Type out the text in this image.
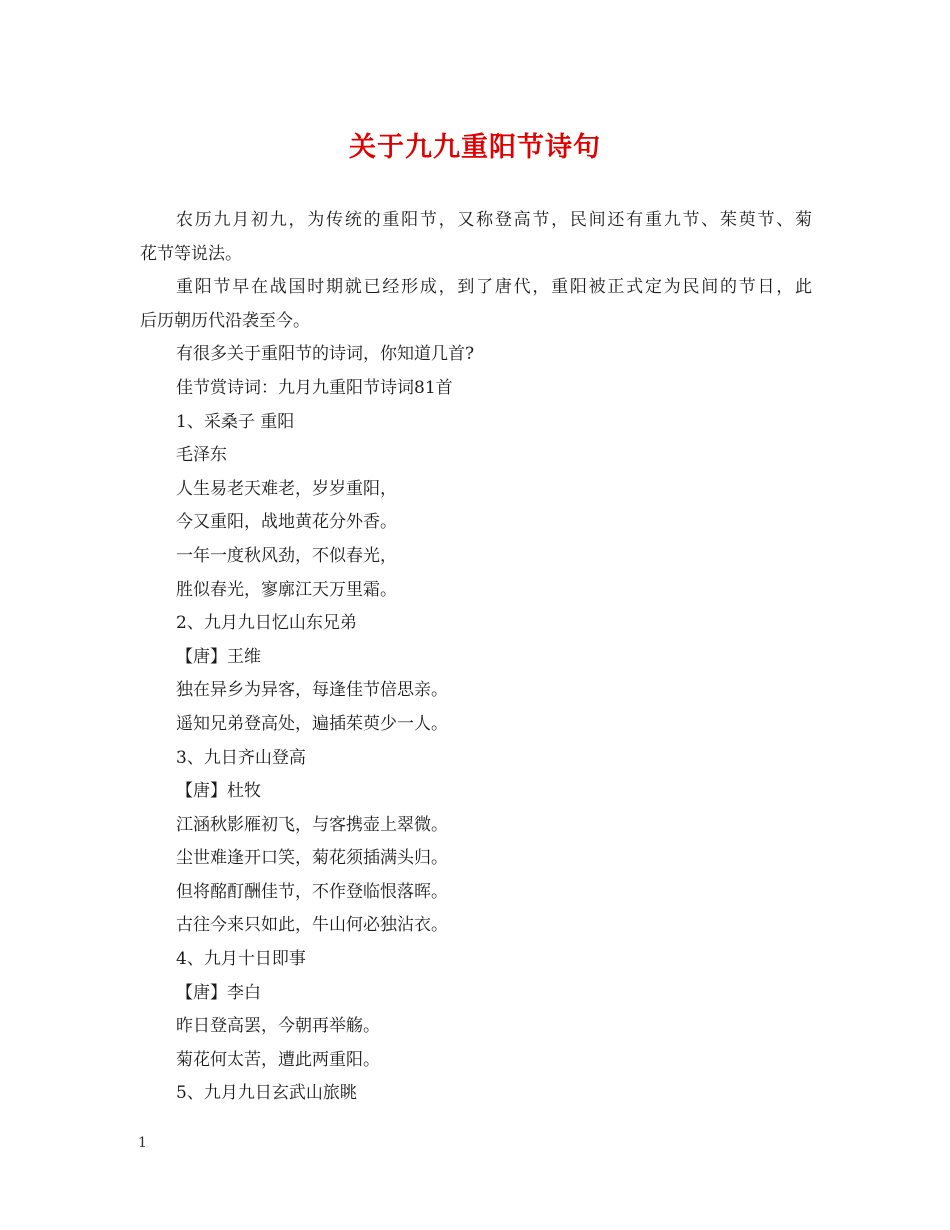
关于九九重阳节诗句
农历九月初九，为传统的重阳节，又称登高节，民间还有重九节、茱萸节、菊
花节等说法。
重阳节早在战国时期就已经形成，到了唐代，重阳被正式定为民间的节日，此
后历朝历代沿袭至今。
有很多关于重阳节的诗词，你知道几首?
佳节赏诗词：九月九重阳节诗词81首
1、采桑子 重阳
毛泽东
人生易老天难老，岁岁重阳，
今又重阳，战地黄花分外香。
一年一度秋风劲，不似春光，
胜似春光，寥廓江天万里霜。
2、九月九日忆山东兄弟
【唐】王维
独在异乡为异客，每逢佳节倍思亲。
遥知兄弟登高处，遍插茱萸少一人。
3、九日齐山登高
【唐】杜牧
江涵秋影雁初飞，与客携壶上翠微。
尘世难逢开口笑，菊花须插满头归。
但将酩酊酬佳节，不作登临恨落晖。
古往今来只如此，牛山何必独沾衣。
4、九月十日即事
【唐】李白
昨日登高罢，今朝再举觞。
菊花何太苦，遭此两重阳。
5、九月九日玄武山旅眺
1
